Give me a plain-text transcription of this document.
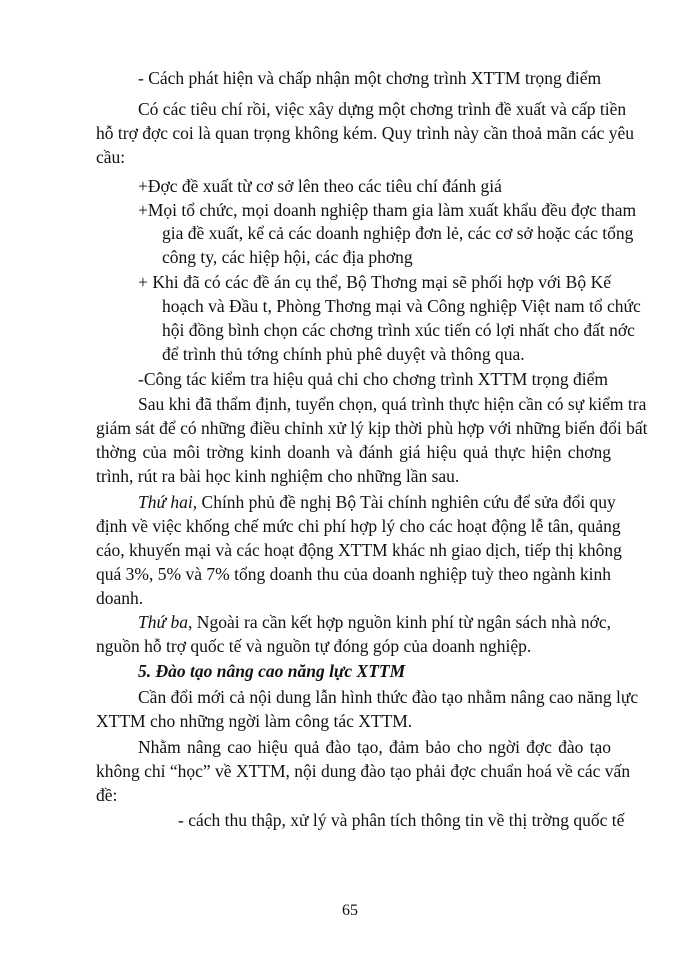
- Cách phát hiện và chấp nhận một chơng trình XTTM trọng điểm
Có các tiêu chí rồi, việc xây dựng một chơng trình đề xuất và cấp tiền
hỗ trợ đợc coi là quan trọng không kém. Quy trình này cần thoả mãn các yêu
cầu:
+Đợc đề xuất từ cơ sở lên theo các tiêu chí đánh giá
+Mọi tổ chức, mọi doanh nghiệp tham gia làm xuất khẩu đều đợc tham
gia đề xuất, kể cả các doanh nghiệp đơn lẻ, các cơ sở hoặc các tổng
công ty, các hiệp hội, các địa phơng
+ Khi đã có các đề án cụ thể, Bộ Thơng mại sẽ phối hợp với Bộ Kế
hoạch và Đầu t, Phòng Thơng mại và Công nghiệp Việt nam tổ chức
hội đồng bình chọn các chơng trình xúc tiến có lợi nhất cho đất nớc
để trình thủ tớng chính phủ phê duyệt và thông qua.
-Công tác kiểm tra hiệu quả chi cho chơng trình XTTM trọng điểm
Sau khi đã thẩm định, tuyển chọn, quá trình thực hiện cần có sự kiểm tra
giám sát để có những điều chỉnh xử lý kịp thời phù hợp với những biến đổi bất
thờng của môi trờng kinh doanh và đánh giá hiệu quả thực hiện chơng
trình, rút ra bài học kinh nghiệm cho những lần sau.
Thứ hai, Chính phủ đề nghị Bộ Tài chính nghiên cứu để sửa đổi quy
định về việc khống chế mức chi phí hợp lý cho các hoạt động lễ tân, quảng
cáo, khuyến mại và các hoạt động XTTM khác nh giao dịch, tiếp thị không
quá 3%, 5% và 7% tổng doanh thu của doanh nghiệp tuỳ theo ngành kinh
doanh.
Thứ ba, Ngoài ra cần kết hợp nguồn kinh phí từ ngân sách nhà nớc,
nguồn hỗ trợ quốc tế và nguồn tự đóng góp của doanh nghiệp.
5. Đào tạo nâng cao năng lực XTTM
Cần đổi mới cả nội dung lẫn hình thức đào tạo nhằm nâng cao năng lực
XTTM cho những ngời làm công tác XTTM.
Nhằm nâng cao hiệu quả đào tạo, đảm bảo cho ngời đợc đào tạo
không chỉ “học” về XTTM, nội dung đào tạo phải đợc chuẩn hoá về các vấn
đề:
- cách thu thập, xử lý và phân tích thông tin về thị trờng quốc tế
65
